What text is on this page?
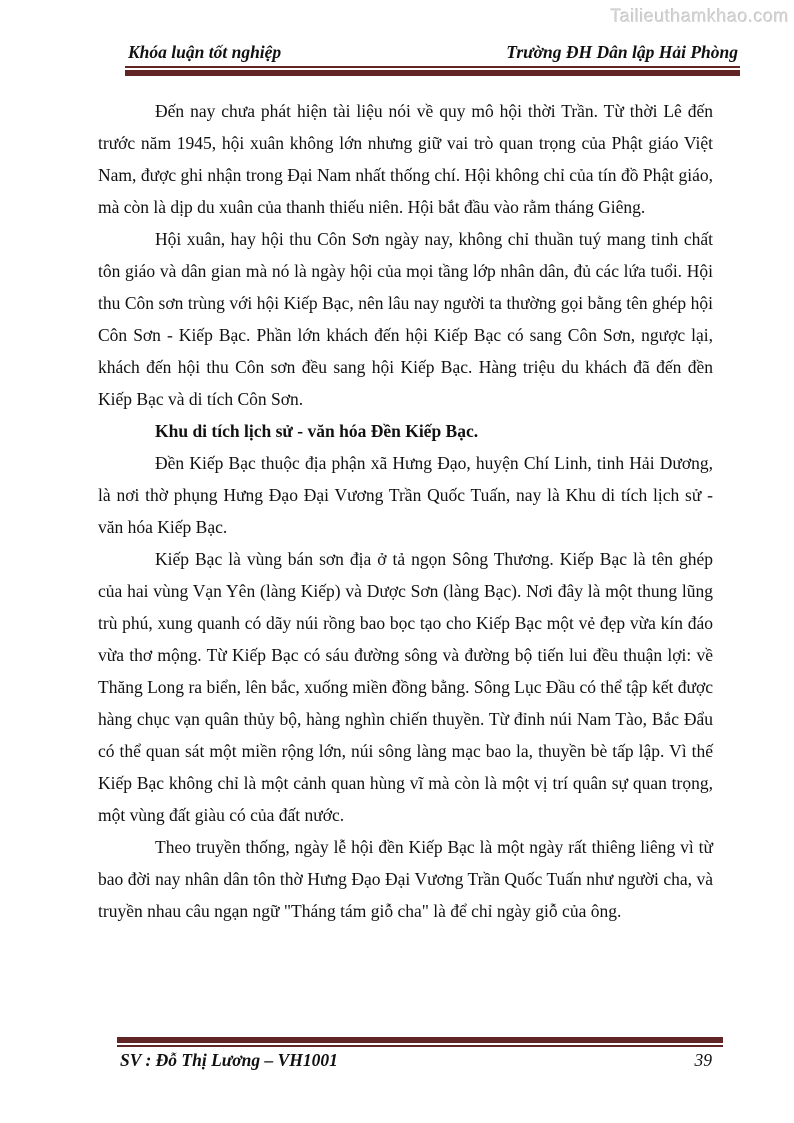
Tailieuthamkhao.com
Khóa luận tốt nghiệp	Trường ĐH Dân lập Hải Phòng

Đến nay chưa phát hiện tài liệu nói về quy mô hội thời Trần. Từ thời Lê đến trước năm 1945, hội xuân không lớn nhưng giữ vai trò quan trọng của Phật giáo Việt Nam, được ghi nhận trong Đại Nam nhất thống chí. Hội không chỉ của tín đồ Phật giáo, mà còn là dịp du xuân của thanh thiếu niên. Hội bắt đầu vào rằm tháng Giêng.

Hội xuân, hay hội thu Côn Sơn ngày nay, không chỉ thuần tuý mang tinh chất tôn giáo và dân gian mà nó là ngày hội của mọi tầng lớp nhân dân, đủ các lứa tuổi. Hội thu Côn sơn trùng với hội Kiếp Bạc, nên lâu nay người ta thường gọi bằng tên ghép hội Côn Sơn - Kiếp Bạc. Phần lớn khách đến hội Kiếp Bạc có sang Côn Sơn, ngược lại, khách đến hội thu Côn sơn đều sang hội Kiếp Bạc. Hàng triệu du khách đã đến đền Kiếp Bạc và di tích Côn Sơn.

Khu di tích lịch sử - văn hóa Đền Kiếp Bạc.

Đền Kiếp Bạc thuộc địa phận xã Hưng Đạo, huyện Chí Linh, tinh Hải Dương, là nơi thờ phụng Hưng Đạo Đại Vương Trần Quốc Tuấn, nay là Khu di tích lịch sử - văn hóa Kiếp Bạc.

Kiếp Bạc là vùng bán sơn địa ở tả ngọn Sông Thương. Kiếp Bạc là tên ghép của hai vùng Vạn Yên (làng Kiếp) và Dược Sơn (làng Bạc). Nơi đây là một thung lũng trù phú, xung quanh có dãy núi rồng bao bọc tạo cho Kiếp Bạc một vẻ đẹp vừa kín đáo vừa thơ mộng. Từ Kiếp Bạc có sáu đường sông và đường bộ tiến lui đều thuận lợi: về Thăng Long ra biển, lên bắc, xuống miền đồng bằng. Sông Lục Đầu có thể tập kết được hàng chục vạn quân thủy bộ, hàng nghìn chiến thuyền. Từ đỉnh núi Nam Tào, Bắc Đẩu có thể quan sát một miền rộng lớn, núi sông làng mạc bao la, thuyền bè tấp lập. Vì thế Kiếp Bạc không chỉ là một cảnh quan hùng vĩ mà còn là một vị trí quân sự quan trọng, một vùng đất giàu có của đất nước.

Theo truyền thống, ngày lễ hội đền Kiếp Bạc là một ngày rất thiêng liêng vì từ bao đời nay nhân dân tôn thờ Hưng Đạo Đại Vương Trần Quốc Tuấn như người cha, và truyền nhau câu ngạn ngữ "Tháng tám giỗ cha" là để chỉ ngày giỗ của ông.

SV : Đỗ Thị Lương – VH1001	39
